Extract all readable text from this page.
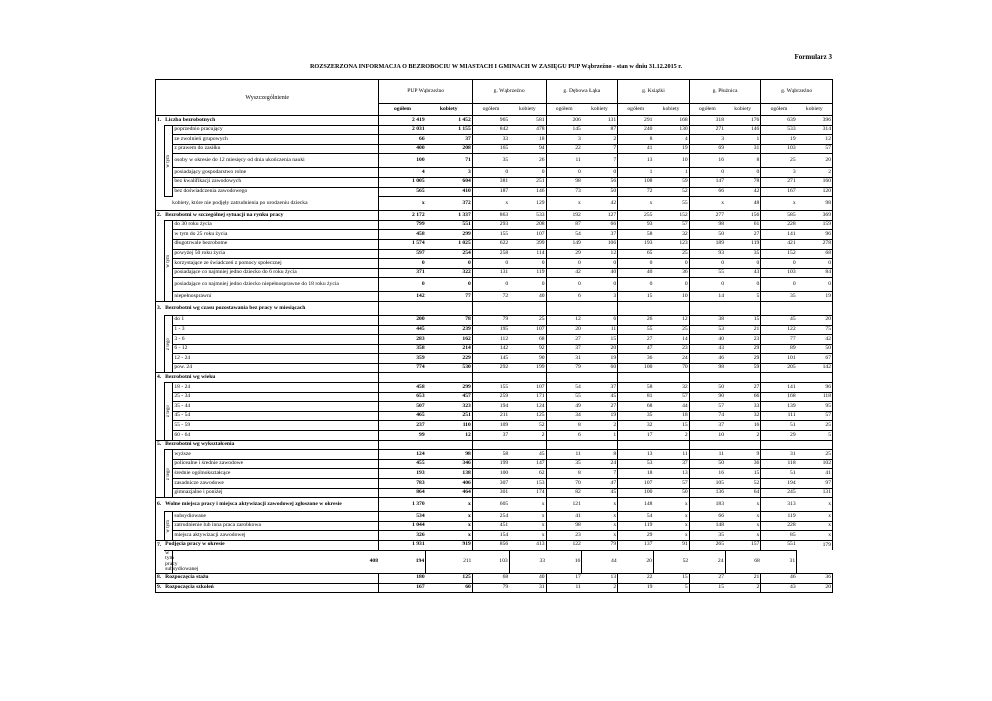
Formularz 3
ROZSZERZONA INFORMACJA O BEZROBOCIU W MIASTACH I GMINACH W ZASIĘGU PUP Wąbrzeźno - stan w dniu 31.12.2015 r.
Wyszczególnienie			PUP Wąbrzeźno		g. Wąbrzeźno		g. Dębowa Łąka		g. Książki		g. Płużnica		g. Wąbrzeźno	
			ogółem	kobiety	ogółem	kobiety	ogółem	kobiety	ogółem	kobiety	ogółem	kobiety	ogółem	kobiety
1.	Liczba bezrobotnych		2 419	1 452	965	581	206	131	291	168	318	176	639	396

	w tym	poprzednio pracujący	2 031	1 155	842	478	145	87	240	130	271	146	533	314
		ze zwolnień grupowych	66	37	33	18	3	2	8	4	3	1	19	12
		z prawem do zasiłku	400	208	165	94	22	7	41	19	69	31	103	57
		osoby w okresie do 12 miesięcy od dnia ukończenia nauki	100	71	35	26	11	7	13	10	16	8	25	20
		posiadający gospodarstwo rolne	4	3	0	0	0	0	1	1	0	0	3	2
		bez kwalifikacji zawodowych	1 005	604	381	251	98	56	108	59	147	78	271	160
		bez doświadczenia zawodowego	565	410	187	146	73	50	72	52	66	42	167	120
	kobiety, które nie podjęły zatrudnienia po urodzeniu dziecka		x	372	x	129	x	42	x	55	x	48	x	98
2.	Bezrobotni w szczególnej sytuacji na rynku pracy		2 172	1 337	863	533	192	127	255	152	277	156	585	369

	w tym	do 30 roku życia	799	551	293	208	87	66	93	57	98	61	228	159
		w tym do 25 roku życia	458	299	155	107	54	37	58	32	50	27	141	96
		długotrwale bezrobotne	1 574	1 025	622	399	149	106	193	123	189	119	421	278
		powyżej 50 roku życia	597	254	258	114	29	12	65	25	93	35	152	68
		korzystające ze świadczeń z pomocy społecznej	0	0	0	0	0	0	0	0	0	0	0	0
		posiadające co najmniej jedno dziecko do 6 roku życia	371	322	131	119	42	40	40	36	55	43	103	84
		posiadające co najmniej jedno dziecko niepełnosprawne do 18 roku życia	0	0	0	0	0	0	0	0	0	0	0	0
		niepełnosprawni	142	77	72	40	6	3	15	10	14	5	35	19
3.	Bezrobotni wg czasu pozostawania bez pracy w miesiącach													

	z tego	do 1	200	78	79	25	12	6	26	12	38	15	45	20
		1 - 3	445	239	195	107	20	11	55	25	53	21	122	75
		3 - 6	283	162	112	68	27	15	27	14	40	23	77	42
		6 - 12	358	214	142	92	37	20	47	23	43	29	89	50
		12 - 24	359	229	145	90	31	19	36	24	46	29	101	67
		pow. 24	774	530	292	199	79	60	100	70	98	59	205	142
4.	Bezrobotni wg wieku													

	z tego	18 - 24	458	299	155	107	54	37	58	32	50	27	141	96
		25 - 34	653	457	259	171	55	45	81	57	90	66	168	118
		35 - 44	507	323	194	124	49	27	68	44	57	33	139	95
		45 - 54	465	251	211	125	34	19	35	18	74	32	111	57
		55 - 59	237	110	109	52	8	2	32	15	37	16	51	25
		60 - 64	99	12	37	2	6	1	17	2	10	2	29	5
5.	Bezrobotni wg wykształcenia													

	z tego	wyższe	124	98	58	45	11	8	13	11	11	9	31	25
		policealne i średnie zawodowe	455	346	199	147	35	24	53	37	50	36	118	102
		średnie ogólnokształcące	193	138	100	62	8	7	18	13	16	15	51	41
		zasadnicze zawodowe	783	406	307	153	70	47	107	57	105	52	194	97
		gimnazjalne i poniżej	864	464	301	174	82	45	100	50	136	64	245	131
6.	Wolne miejsca pracy i miejsca aktywizacji zawodowej zgłoszone w okresie		1 370	x	605	x	121	x	148	x	183	x	313	x

	w tym	subsydiowane	534	x	254	x	41	x	54	x	66	x	119	x
		zatrudnienie lub inna praca zarobkowa	1 044	x	451	x	98	x	119	x	148	x	228	x
		miejsca aktywizacji zawodowej	326	x	154	x	23	x	29	x	35	x	85	x
7.	Podjęcia pracy w okresie		1 931	919	856	413	122	79	137	91	265	157	551	179
	w tym pracy subsydiowanej	408	194	211	103	33	16	44	20	52	24	68	31	
8.	Rozpoczęcia stażu		180	125	68	40	17	13	22	15	27	21	46	36
9.	Rozpoczęcia szkoleń		167	60	79	31	11	2	19	5	15	2	43	20
